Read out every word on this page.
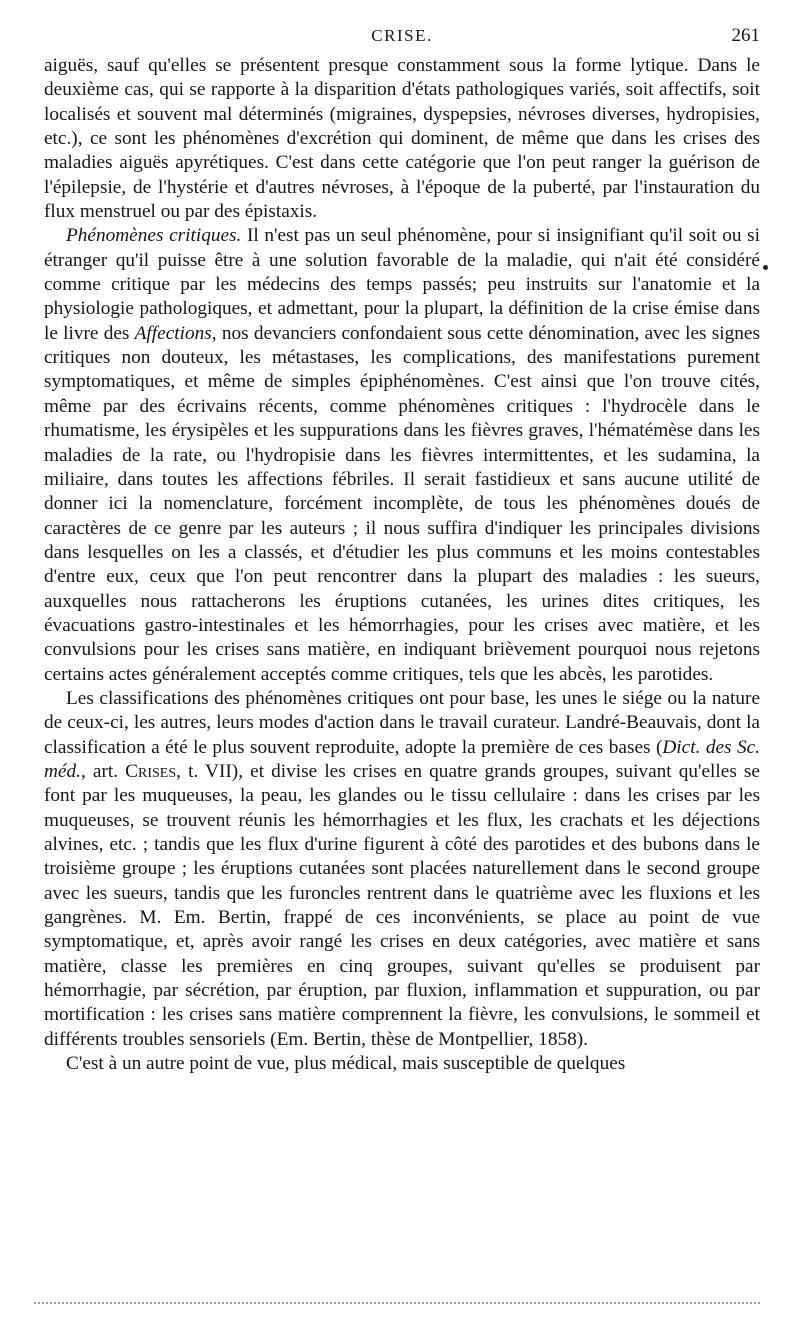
CRISE.	261

aiguës, sauf qu'elles se présentent presque constamment sous la forme lytique. Dans le deuxième cas, qui se rapporte à la disparition d'états pathologiques variés, soit affectifs, soit localisés et souvent mal déterminés (migraines, dyspepsies, névroses diverses, hydropisies, etc.), ce sont les phénomènes d'excrétion qui dominent, de même que dans les crises des maladies aiguës apyrétiques. C'est dans cette catégorie que l'on peut ranger la guérison de l'épilepsie, de l'hystérie et d'autres névroses, à l'époque de la puberté, par l'instauration du flux menstruel ou par des épistaxis.

Phénomènes critiques. Il n'est pas un seul phénomène, pour si insignifiant qu'il soit ou si étranger qu'il puisse être à une solution favorable de la maladie, qui n'ait été considéré comme critique par les médecins des temps passés; peu instruits sur l'anatomie et la physiologie pathologiques, et admettant, pour la plupart, la définition de la crise émise dans le livre des Affections, nos devanciers confondaient sous cette dénomination, avec les signes critiques non douteux, les métastases, les complications, des manifestations purement symptomatiques, et même de simples épiphénomènes. C'est ainsi que l'on trouve cités, même par des écrivains récents, comme phénomènes critiques : l'hydrocèle dans le rhumatisme, les érysipèles et les suppurations dans les fièvres graves, l'hématémèse dans les maladies de la rate, ou l'hydropisie dans les fièvres intermittentes, et les sudamina, la miliaire, dans toutes les affections fébriles. Il serait fastidieux et sans aucune utilité de donner ici la nomenclature, forcément incomplète, de tous les phénomènes doués de caractères de ce genre par les auteurs ; il nous suffira d'indiquer les principales divisions dans lesquelles on les a classés, et d'étudier les plus communs et les moins contestables d'entre eux, ceux que l'on peut rencontrer dans la plupart des maladies : les sueurs, auxquelles nous rattacherons les éruptions cutanées, les urines dites critiques, les évacuations gastro-intestinales et les hémorrhagies, pour les crises avec matière, et les convulsions pour les crises sans matière, en indiquant brièvement pourquoi nous rejetons certains actes généralement acceptés comme critiques, tels que les abcès, les parotides.

Les classifications des phénomènes critiques ont pour base, les unes le siége ou la nature de ceux-ci, les autres, leurs modes d'action dans le travail curateur. Landré-Beauvais, dont la classification a été le plus souvent reproduite, adopte la première de ces bases (Dict. des Sc. méd., art. Crises, t. VII), et divise les crises en quatre grands groupes, suivant qu'elles se font par les muqueuses, la peau, les glandes ou le tissu cellulaire : dans les crises par les muqueuses, se trouvent réunis les hémorrhagies et les flux, les crachats et les déjections alvines, etc. ; tandis que les flux d'urine figurent à côté des parotides et des bubons dans le troisième groupe ; les éruptions cutanées sont placées naturellement dans le second groupe avec les sueurs, tandis que les furoncles rentrent dans le quatrième avec les fluxions et les gangrènes. M. Em. Bertin, frappé de ces inconvénients, se place au point de vue symptomatique, et, après avoir rangé les crises en deux catégories, avec matière et sans matière, classe les premières en cinq groupes, suivant qu'elles se produisent par hémorrhagie, par sécrétion, par éruption, par fluxion, inflammation et suppuration, ou par mortification : les crises sans matière comprennent la fièvre, les convulsions, le sommeil et différents troubles sensoriels (Em. Bertin, thèse de Montpellier, 1858).

C'est à un autre point de vue, plus médical, mais susceptible de quelques
